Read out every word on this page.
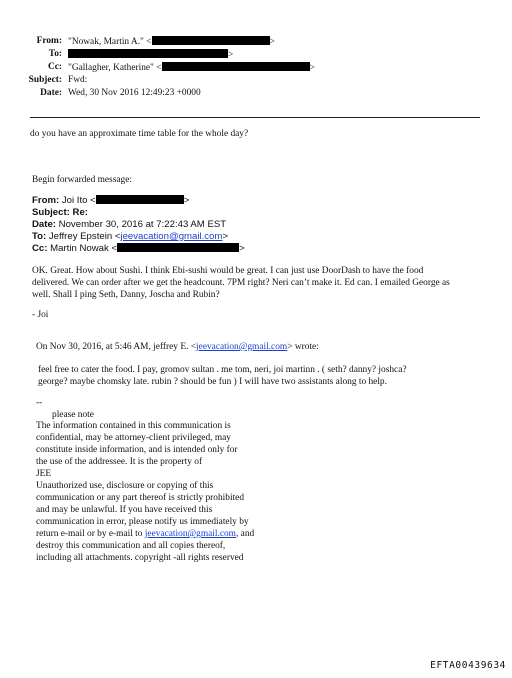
From: "Nowak, Martin A." <	>
To:	>
Cc: "Gallagher, Katherine" <	>
Subject: Fwd:
Date: Wed, 30 Nov 2016 12:49:23 +0000
do you have an approximate time table for the whole day?
Begin forwarded message:
From: Joi Ito <	>
Subject: Re:
Date: November 30, 2016 at 7:22:43 AM EST
To: Jeffrey Epstein <jeevacation@gmail.com>
Cc: Martin Nowak <	>
OK. Great. How about Sushi. I think Ebi-sushi would be great. I can just use DoorDash to have the food
delivered. We can order after we get the headcount. 7PM right? Neri can’t make it. Ed can. I emailed George as
well. Shall I ping Seth, Danny, Joscha and Rubin?
- Joi
On Nov 30, 2016, at 5:46 AM, jeffrey E. <jeevacation@gmail.com> wrote:
feel free to cater the food. I pay, gromov sultan . me tom, neri, joi martinn . ( seth? danny? joshca?
george? maybe chomsky late. rubin ? should be fun ) I will have two assistants along to help.
--
please note
The information contained in this communication is
confidential, may be attorney-client privileged, may
constitute inside information, and is intended only for
the use of the addressee. It is the property of
JEE
Unauthorized use, disclosure or copying of this
communication or any part thereof is strictly prohibited
and may be unlawful. If you have received this
communication in error, please notify us immediately by
return e-mail or by e-mail to jeevacation@gmail.com, and
destroy this communication and all copies thereof,
including all attachments. copyright -all rights reserved
EFTA00439634
